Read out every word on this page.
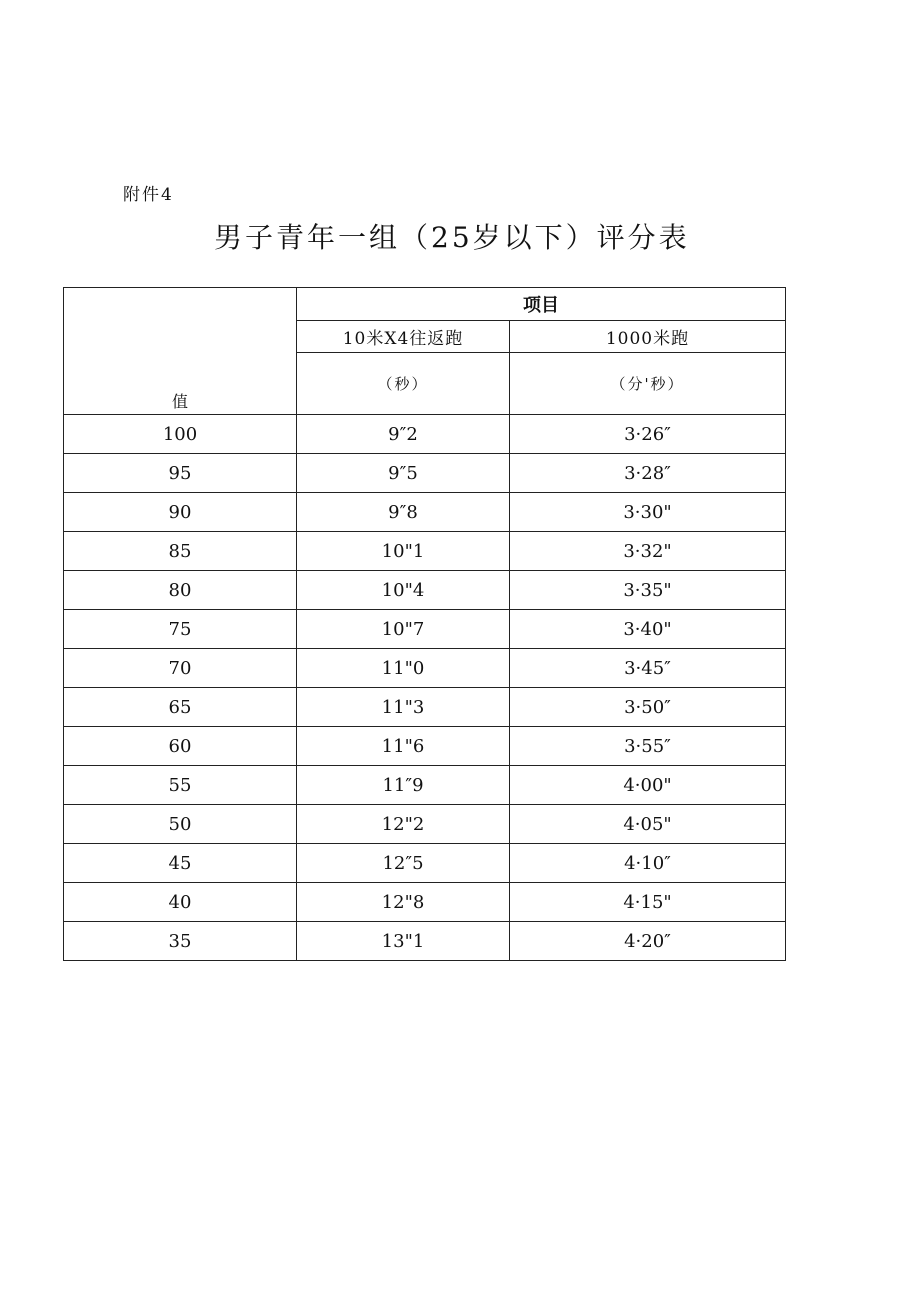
附件4
男子青年一组（25岁以下）评分表
值	项目	
	10米X4往返跑	1000米跑
	（秒）	（分'秒）
100	9″2	3·26″
95	9″5	3·28″
90	9″8	3·30"
85	10"1	3·32"
80	10"4	3·35"
75	10"7	3·40"
70	11"0	3·45″
65	11"3	3·50″
60	11"6	3·55″
55	11″9	4·00"
50	12"2	4·05"
45	12″5	4·10″
40	12"8	4·15"
35	13"1	4·20″
